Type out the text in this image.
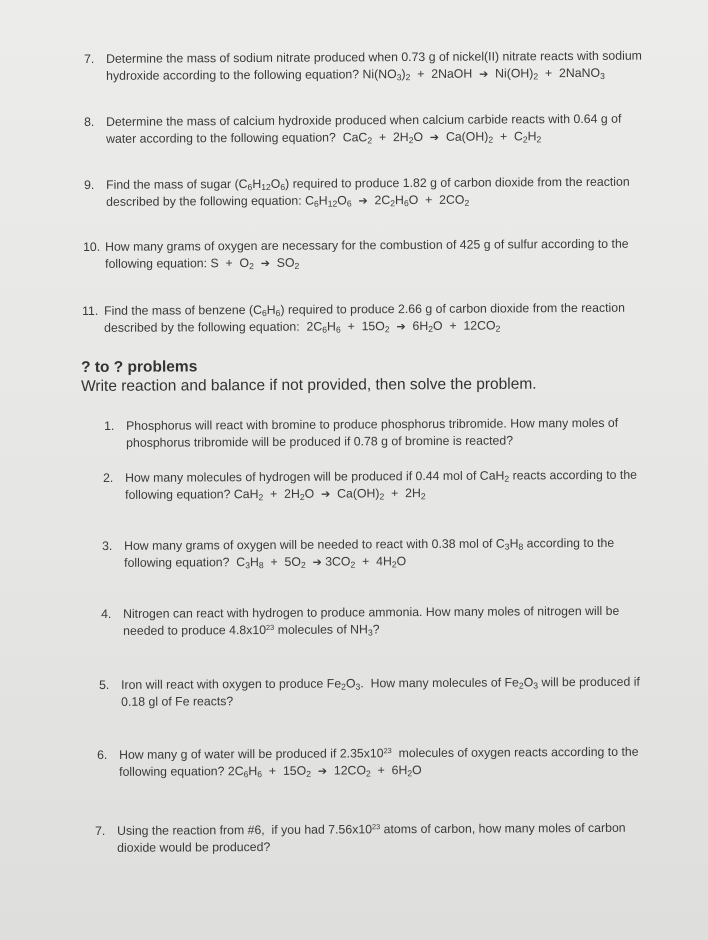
7. Determine the mass of sodium nitrate produced when 0.73 g of nickel(II) nitrate reacts with sodium
hydroxide according to the following equation? $Ni(NO_3)_2$  +  2NaOH  ➔  $Ni(OH)_2$  +  2NaNO$_3$
8. Determine the mass of calcium hydroxide produced when calcium carbide reacts with 0.64 g of
water according to the following equation?  $CaC_2 + 2H_2O$  ➔  $Ca(OH)_2 + C_2H_2$
9. Find the mass of sugar $(C_6H_{12}O_6)$ required to produce 1.82 g of carbon dioxide from the reaction
described by the following equation: $C_6H_{12}O_6$ ➔  $2C_2H_6O + 2CO_2$
10. How many grams of oxygen are necessary for the combustion of 425 g of sulfur according to the
following equation: $S + O_2$ ➔  $SO_2$
11. Find the mass of benzene $(C_6H_6)$ required to produce 2.66 g of carbon dioxide from the reaction
described by the following equation:  $2C_6H_6 + 15O_2$ ➔  $6H_2O + 12CO_2$
? to ? problems
Write reaction and balance if not provided, then solve the problem.
1. Phosphorus will react with bromine to produce phosphorus tribromide. How many moles of
phosphorus tribromide will be produced if 0.78 g of bromine is reacted?
2. How many molecules of hydrogen will be produced if 0.44 mol of CaH$_2$ reacts according to the
following equation? $CaH_2 + 2H_2O$  ➔  $Ca(OH)_2 + 2H_2$
3. How many grams of oxygen will be needed to react with 0.38 mol of $C_3H_8$ according to the
following equation?  $C_3H_8 + 5O_2$ ➔ $3CO_2 + 4H_2O$
4. Nitrogen can react with hydrogen to produce ammonia. How many moles of nitrogen will be
needed to produce $4.8x10^{23}$ molecules of $NH_3$?
5. Iron will react with oxygen to produce $Fe_2O_3$.  How many molecules of $Fe_2O_3$ will be produced if
0.18 gl of Fe reacts?
6. How many g of water will be produced if $2.35x10^{23}$  molecules of oxygen reacts according to the
following equation? $2C_6H_6 + 15O_2$ ➔  $12CO_2 + 6H_2O$
7. Using the reaction from #6,  if you had $7.56x10^{23}$ atoms of carbon, how many moles of carbon
dioxide would be produced?
